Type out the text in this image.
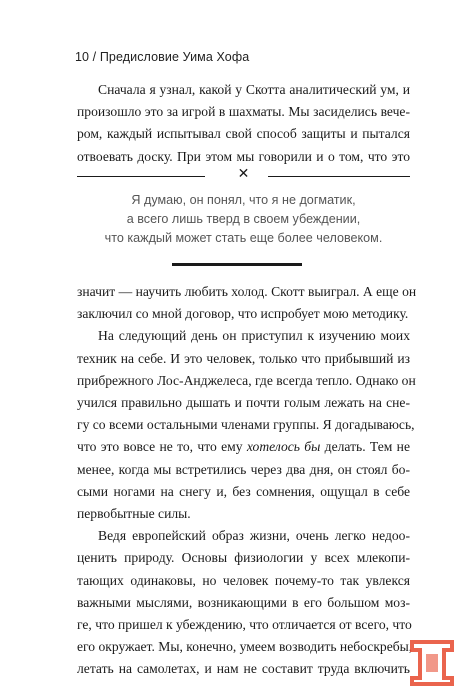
10 / Предисловие Уима Хофа
Сначала я узнал, какой у Скотта аналитический ум, и
произошло это за игрой в шахматы. Мы засиделись вече-
ром, каждый испытывал свой способ защиты и пытался
отвоевать доску. При этом мы говорили и о том, что это
✕
Я думаю, он понял, что я не догматик,
а всего лишь тверд в своем убеждении,
что каждый может стать еще более человеком.
значит — научить любить холод. Скотт выиграл. А еще он
заключил со мной договор, что испробует мою методику.
На следующий день он приступил к изучению моих
техник на себе. И это человек, только что прибывший из
прибрежного Лос-Анджелеса, где всегда тепло. Однако он
учился правильно дышать и почти голым лежать на сне-
гу со всеми остальными членами группы. Я догадываюсь,
что это вовсе не то, что ему хотелось бы делать. Тем не
менее, когда мы встретились через два дня, он стоял бо-
сыми ногами на снегу и, без сомнения, ощущал в себе
первобытные силы.
Ведя европейский образ жизни, очень легко недоо-
ценить природу. Основы физиологии у всех млекопи-
тающих одинаковы, но человек почему-то так увлекся
важными мыслями, возникающими в его большом моз-
ге, что пришел к убеждению, что отличается от всего, что
его окружает. Мы, конечно, умеем возводить небоскребы,
летать на самолетах, и нам не составит труда включить
